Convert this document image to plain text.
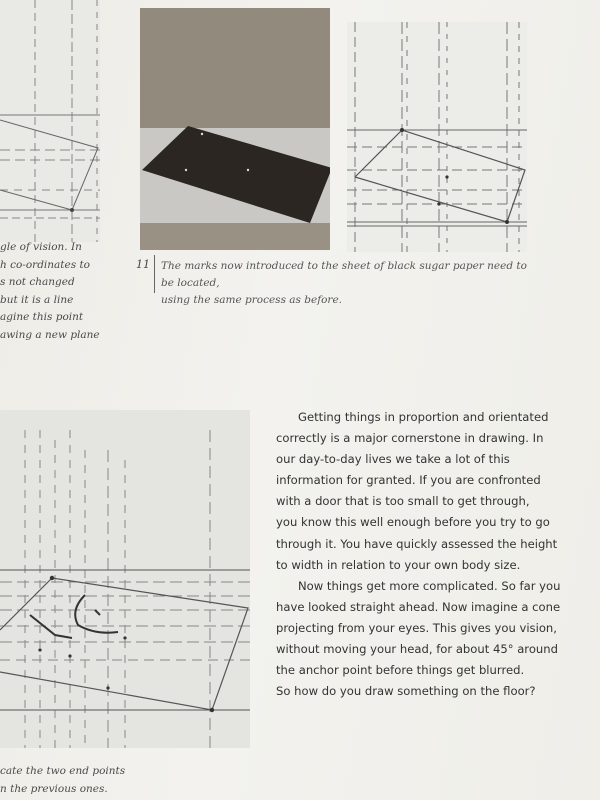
11 The marks now introduced to the sheet of black sugar paper need to be located,
using the same process as before.
gle of vision. In
h co-ordinates to
s not changed
but it is a line
agine this point
awing a new plane
cate the two end points
n the previous ones.
Getting things in proportion and orientated
correctly is a major cornerstone in drawing. In
our day-to-day lives we take a lot of this
information for granted. If you are confronted
with a door that is too small to get through,
you know this well enough before you try to go
through it. You have quickly assessed the height
to width in relation to your own body size.
Now things get more complicated. So far you
have looked straight ahead. Now imagine a cone
projecting from your eyes. This gives you vision,
without moving your head, for about 45° around
the anchor point before things get blurred.
So how do you draw something on the floor?
